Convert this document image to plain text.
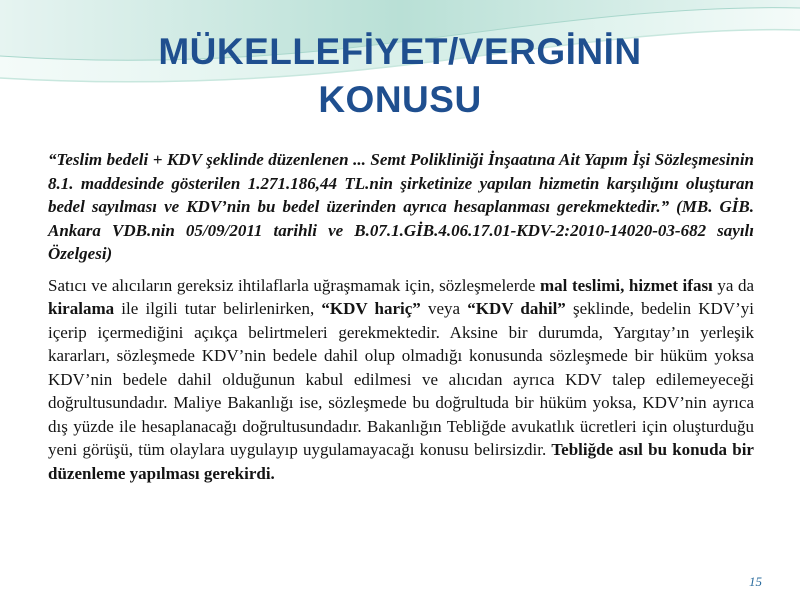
MÜKELLEFİYET/VERGİNİN KONUSU

“Teslim bedeli + KDV şeklinde düzenlenen ... Semt Polikliniği İnşaatına Ait Yapım İşi Sözleşmesinin 8.1. maddesinde gösterilen 1.271.186,44 TL.nin şirketinize yapılan hizmetin karşılığını oluşturan bedel sayılması ve KDV’nin bu bedel üzerinden ayrıca hesaplanması gerekmektedir.” (MB. GİB. Ankara VDB.nin 05/09/2011 tarihli ve B.07.1.GİB.4.06.17.01-KDV-2:2010-14020-03-682 sayılı Özelgesi)

Satıcı ve alıcıların gereksiz ihtilaflarla uğraşmamak için, sözleşmelerde mal teslimi, hizmet ifası ya da kiralama ile ilgili tutar belirlenirken, “KDV hariç” veya “KDV dahil” şeklinde, bedelin KDV’yi içerip içermediğini açıkça belirtmeleri gerekmektedir. Aksine bir durumda, Yargıtay’ın yerleşik kararları, sözleşmede KDV’nin bedele dahil olup olmadığı konusunda sözleşmede bir hüküm yoksa KDV’nin bedele dahil olduğunun kabul edilmesi ve alıcıdan ayrıca KDV talep edilemeyeceği doğrultusundadır. Maliye Bakanlığı ise, sözleşmede bu doğrultuda bir hüküm yoksa, KDV’nin ayrıca dış yüzde ile hesaplanacağı doğrultusundadır. Bakanlığın Tebliğde avukatlık ücretleri için oluşturduğu yeni görüşü, tüm olaylara uygulayıp uygulamayacağı konusu belirsizdir. Tebliğde asıl bu konuda bir düzenleme yapılması gerekirdi.

15
